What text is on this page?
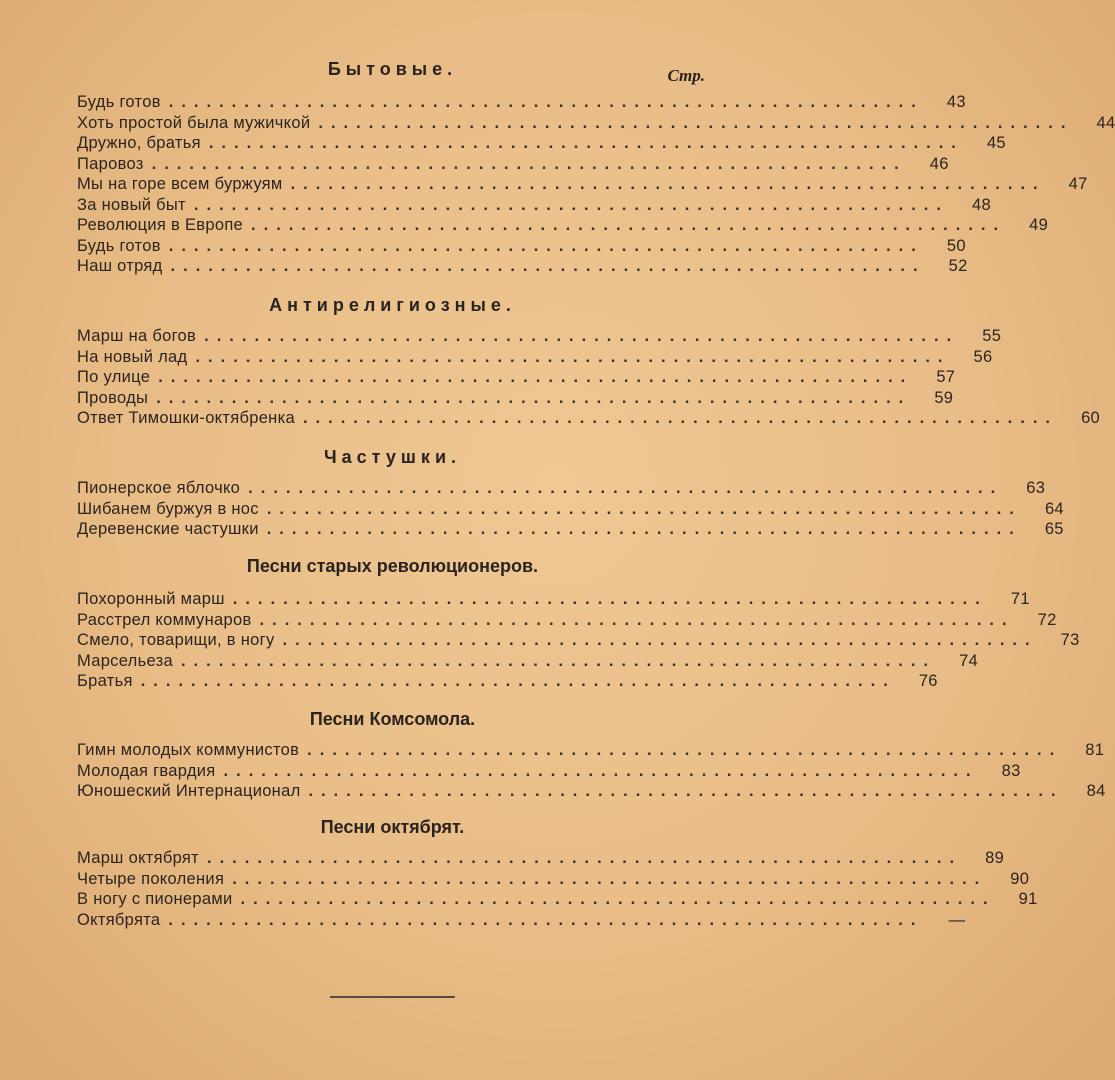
Стр.
Бытовые.
Будь готов ............................................................	43
Хоть простой была мужичкой ............................................................	44
Дружно, братья ............................................................	45
Паровоз ............................................................	46
Мы на горе всем буржуям ............................................................	47
За новый быт ............................................................	48
Революция в Европе ............................................................	49
Будь готов ............................................................	50
Наш отряд ............................................................	52
Антирелигиозные.
Марш на богов ............................................................	55
На новый лад ............................................................	56
По улице ............................................................	57
Проводы ............................................................	59
Ответ Тимошки-октябренка ............................................................	60
Частушки.
Пионерское яблочко ............................................................	63
Шибанем буржуя в нос ............................................................	64
Деревенские частушки ............................................................	65
Песни старых революционеров.
Похоронный марш ............................................................	71
Расстрел коммунаров ............................................................	72
Смело, товарищи, в ногу ............................................................	73
Марсельеза ............................................................	74
Братья ............................................................	76
Песни Комсомола.
Гимн молодых коммунистов ............................................................	81
Молодая гвардия ............................................................	83
Юношеский Интернационал ............................................................	84
Песни октябрят.
Марш октябрят ............................................................	89
Четыре поколения ............................................................	90
В ногу с пионерами ............................................................	91
Октябрята ............................................................	—
